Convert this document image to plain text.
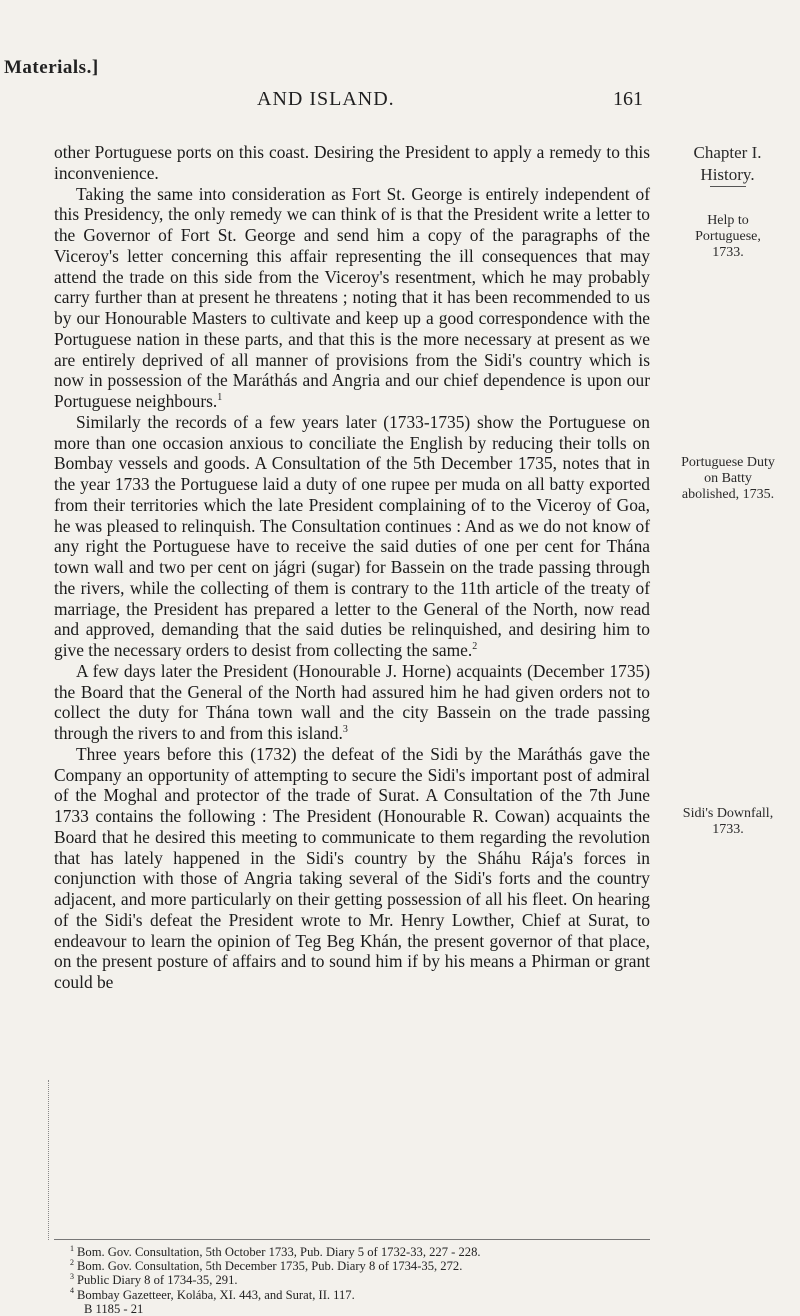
Materials.]
AND ISLAND.	161
Chapter I.
History.
Help to Portuguese, 1733.
Portuguese Duty on Batty abolished, 1735.
Sidi's Downfall, 1733.

other Portuguese ports on this coast. Desiring the President to apply a remedy to this inconvenience.

Taking the same into consideration as Fort St. George is entirely independent of this Presidency, the only remedy we can think of is that the President write a letter to the Governor of Fort St. George and send him a copy of the paragraphs of the Viceroy's letter concerning this affair representing the ill consequences that may attend the trade on this side from the Viceroy's resentment, which he may probably carry further than at present he threatens ; noting that it has been recommended to us by our Honourable Masters to cultivate and keep up a good correspondence with the Portuguese nation in these parts, and that this is the more necessary at present as we are entirely deprived of all manner of provisions from the Sidi's country which is now in possession of the Maráthás and Angria and our chief dependence is upon our Portuguese neighbours.$^1$

Similarly the records of a few years later (1733-1735) show the Portuguese on more than one occasion anxious to conciliate the English by reducing their tolls on Bombay vessels and goods. A Consultation of the 5th December 1735, notes that in the year 1733 the Portuguese laid a duty of one rupee per muda on all batty exported from their territories which the late President complaining of to the Viceroy of Goa, he was pleased to relinquish. The Consultation continues : And as we do not know of any right the Portuguese have to receive the said duties of one per cent for Thána town wall and two per cent on jágri (sugar) for Bassein on the trade passing through the rivers, while the collecting of them is contrary to the 11th article of the treaty of marriage, the President has prepared a letter to the General of the North, now read and approved, demanding that the said duties be relinquished, and desiring him to give the necessary orders to desist from collecting the same.$^2$

A few days later the President (Honourable J. Horne) acquaints (December 1735) the Board that the General of the North had assured him he had given orders not to collect the duty for Thána town wall and the city Bassein on the trade passing through the rivers to and from this island.$^3$

Three years before this (1732) the defeat of the Sidi by the Maráthás gave the Company an opportunity of attempting to secure the Sidi's important post of admiral of the Moghal and protector of the trade of Surat. A Consultation of the 7th June 1733 contains the following : The President (Honourable R. Cowan) acquaints the Board that he desired this meeting to communicate to them regarding the revolution that has lately happened in the Sidi's country by the Sháhu Rája's forces in conjunction with those of Angria taking several of the Sidi's forts and the country adjacent, and more particularly on their getting possession of all his fleet. On hearing of the Sidi's defeat the President wrote to Mr. Henry Lowther, Chief at Surat, to endeavour to learn the opinion of Teg Beg Khán, the present governor of that place, on the present posture of affairs and to sound him if by his means a Phirman or grant could be

$^1$ Bom. Gov. Consultation, 5th October 1733, Pub. Diary 5 of 1732-33, 227 - 228.
$^2$ Bom. Gov. Consultation, 5th December 1735, Pub. Diary 8 of 1734-35, 272.
$^3$ Public Diary 8 of 1734-35, 291.
$^4$ Bombay Gazetteer, Kolába, XI. 443, and Surat, II. 117.
B 1185 - 21
